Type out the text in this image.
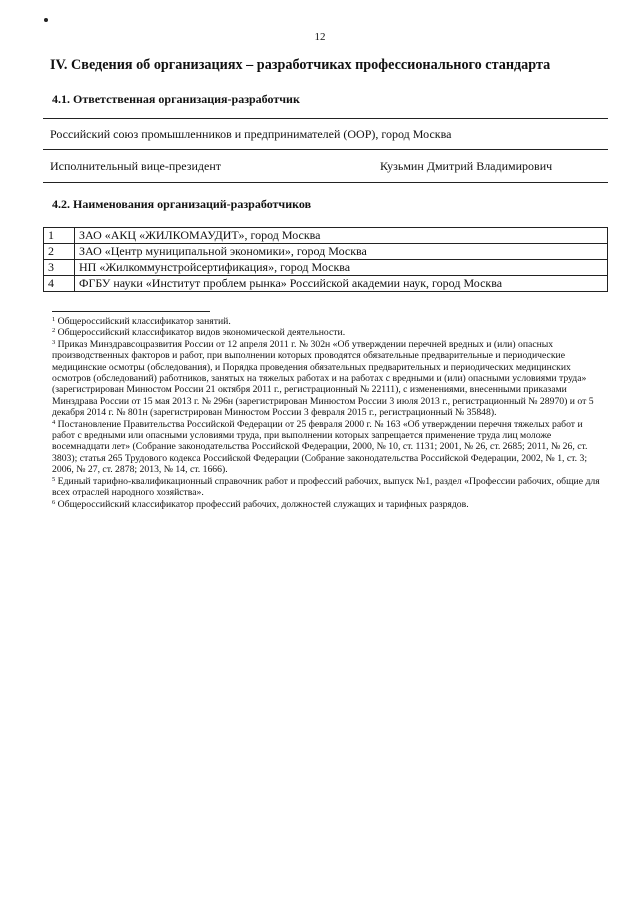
12
IV. Сведения об организациях – разработчиках профессионального стандарта
4.1. Ответственная организация-разработчик
Российский союз промышленников и предпринимателей (ООР), город Москва
Исполнительный вице-президент	Кузьмин Дмитрий Владимирович
4.2. Наименования организаций-разработчиков
1	ЗАО «АКЦ «ЖИЛКОМАУДИТ», город Москва
2	ЗАО «Центр муниципальной экономики», город Москва
3	НП «Жилкоммунстройсертификация», город Москва
4	ФГБУ науки «Институт проблем рынка» Российской академии наук, город Москва

$^1$ Общероссийский классификатор занятий.

$^2$ Общероссийский классификатор видов экономической деятельности.

$^3$ Приказ Минздравсоцразвития России от 12 апреля 2011 г. № 302н «Об утверждении перечней вредных и (или) опасных производственных факторов и работ, при выполнении которых проводятся обязательные предварительные и периодические медицинские осмотры (обследования), и Порядка проведения обязательных предварительных и периодических медицинских осмотров (обследований) работников, занятых на тяжелых работах и на работах с вредными и (или) опасными условиями труда» (зарегистрирован Минюстом России 21 октября 2011 г., регистрационный № 22111), с изменениями, внесенными приказами Минздрава России от 15 мая 2013 г. № 296н (зарегистрирован Минюстом России 3 июля 2013 г., регистрационный № 28970) и от 5 декабря 2014 г. № 801н (зарегистрирован Минюстом России 3 февраля 2015 г., регистрационный № 35848).

$^4$ Постановление Правительства Российской Федерации от 25 февраля 2000 г. № 163 «Об утверждении перечня тяжелых работ и работ с вредными или опасными условиями труда, при выполнении которых запрещается применение труда лиц моложе восемнадцати лет» (Собрание законодательства Российской Федерации, 2000, № 10, ст. 1131; 2001, № 26, ст. 2685; 2011, № 26, ст. 3803); статья 265 Трудового кодекса Российской Федерации (Собрание законодательства Российской Федерации, 2002, № 1, ст. 3; 2006, № 27, ст. 2878; 2013, № 14, ст. 1666).

$^5$ Единый тарифно-квалификационный справочник работ и профессий рабочих, выпуск №1, раздел «Профессии рабочих, общие для всех отраслей народного хозяйства».

$^6$ Общероссийский классификатор профессий рабочих, должностей служащих и тарифных разрядов.
